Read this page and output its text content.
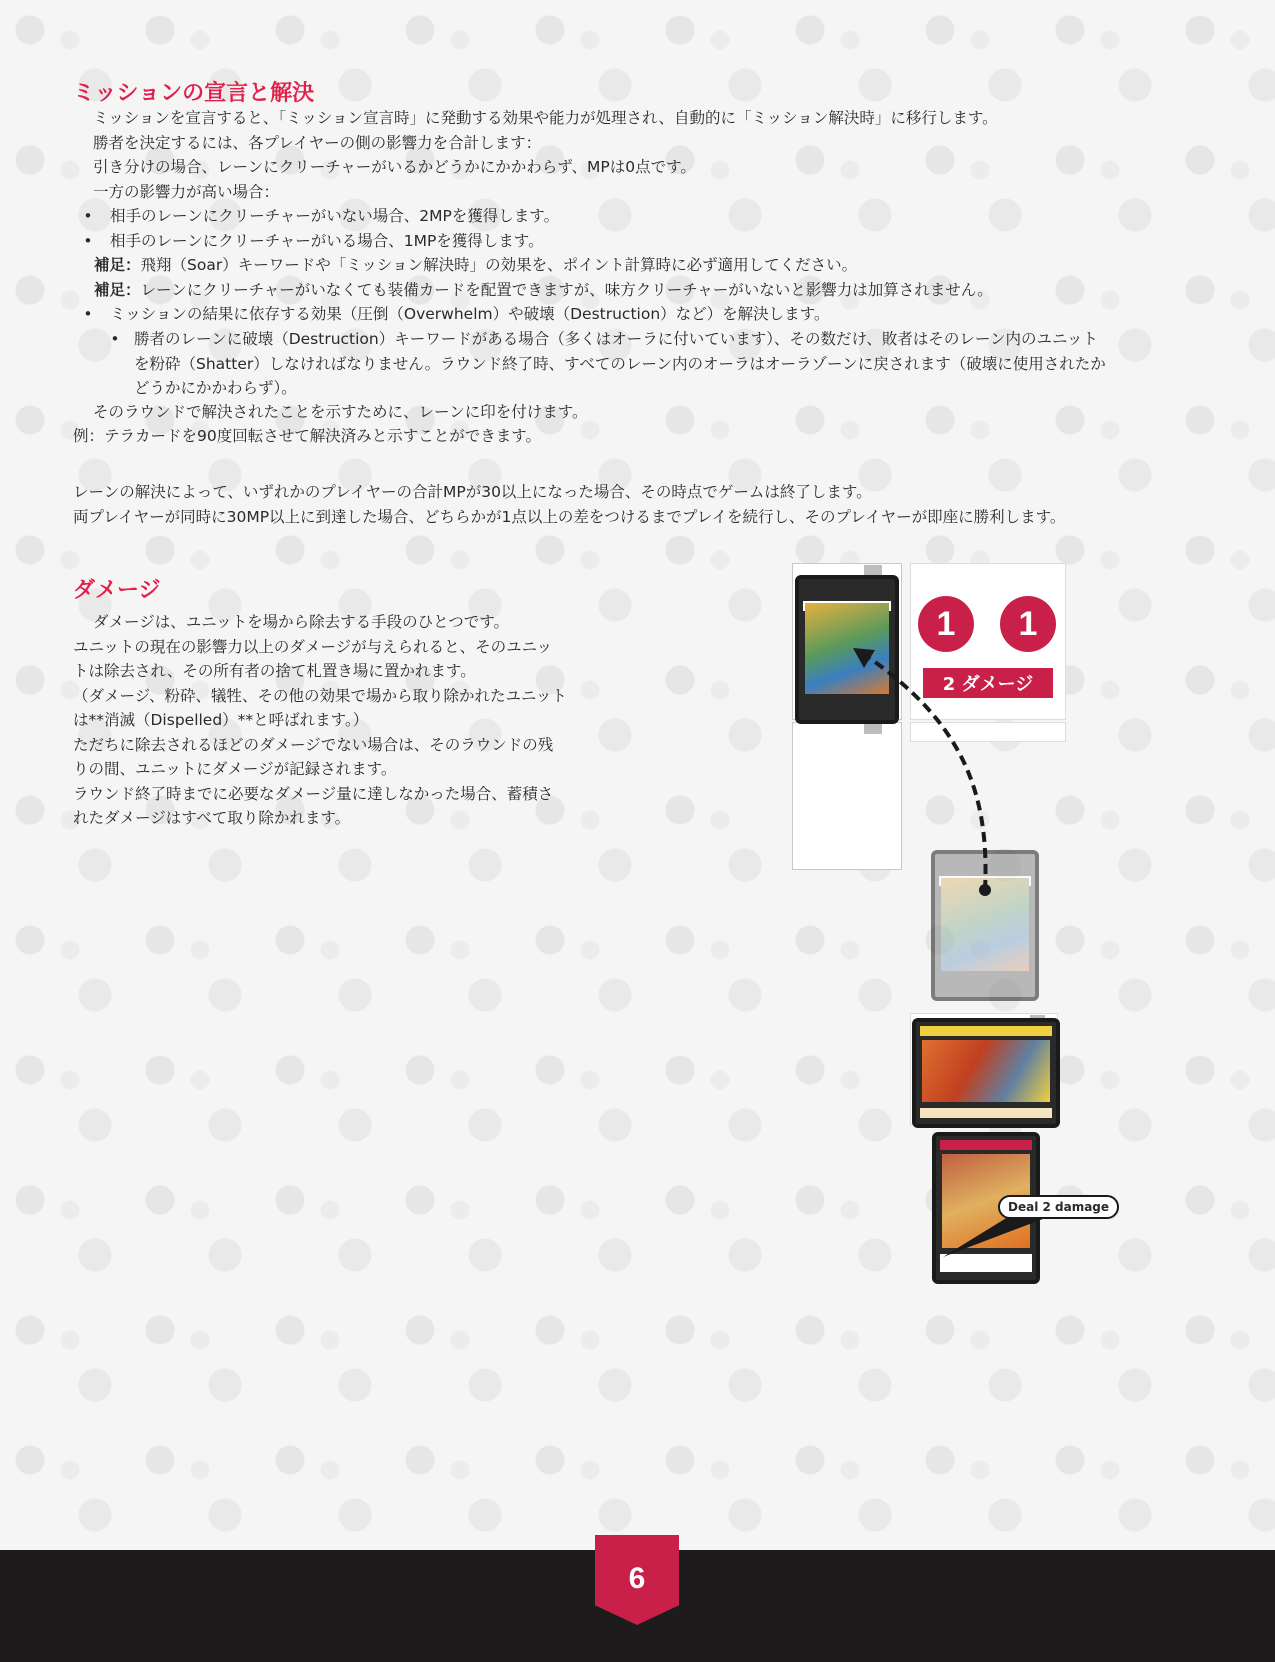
ミッションの宣言と解決
ミッションを宣言すると、「ミッション宣言時」に発動する効果や能力が処理され、自動的に「ミッション解決時」に移行します。
勝者を決定するには、各プレイヤーの側の影響力を合計します：
引き分けの場合、レーンにクリーチャーがいるかどうかにかかわらず、MPは0点です。
一方の影響力が高い場合：
•	相手のレーンにクリーチャーがいない場合、2MPを獲得します。
•	相手のレーンにクリーチャーがいる場合、1MPを獲得します。
補足：飛翔（Soar）キーワードや「ミッション解決時」の効果を、ポイント計算時に必ず適用してください。
補足：レーンにクリーチャーがいなくても装備カードを配置できますが、味方クリーチャーがいないと影響力は加算されません。
•	ミッションの結果に依存する効果（圧倒（Overwhelm）や破壊（Destruction）など）を解決します。
• 勝者のレーンに破壊（Destruction）キーワードがある場合（多くはオーラに付いています）、その数だけ、敗者はそのレーン内のユニット
を粉砕（Shatter）しなければなりません。ラウンド終了時、すべてのレーン内のオーラはオーラゾーンに戻されます（破壊に使用されたか
どうかにかかわらず）。
そのラウンドで解決されたことを示すために、レーンに印を付けます。
例：テラカードを90度回転させて解決済みと示すことができます。
レーンの解決によって、いずれかのプレイヤーの合計MPが30以上になった場合、その時点でゲームは終了します。
両プレイヤーが同時に30MP以上に到達した場合、どちらかが1点以上の差をつけるまでプレイを続行し、そのプレイヤーが即座に勝利します。
ダメージ
ダメージは、ユニットを場から除去する手段のひとつです。
ユニットの現在の影響力以上のダメージが与えられると、そのユニッ
トは除去され、その所有者の捨て札置き場に置かれます。
（ダメージ、粉砕、犠牲、その他の効果で場から取り除かれたユニット
は**消滅（Dispelled）**と呼ばれます。）
ただちに除去されるほどのダメージでない場合は、そのラウンドの残
りの間、ユニットにダメージが記録されます。
ラウンド終了時までに必要なダメージ量に達しなかった場合、蓄積さ
れたダメージはすべて取り除かれます。

1	1
2 ダメージ

Deal 2 damage
6
